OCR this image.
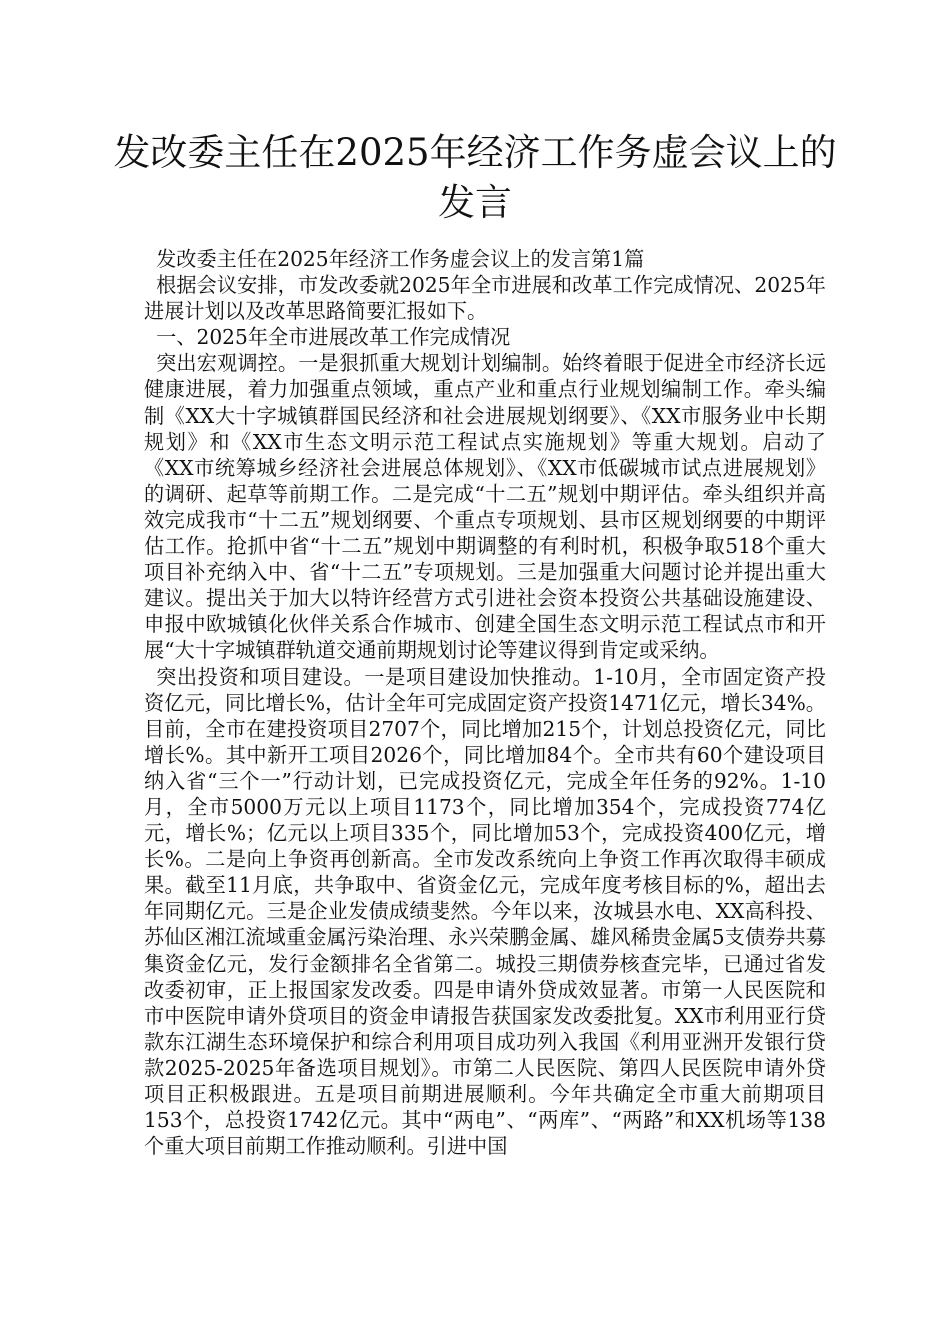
发改委主任在2025年经济工作务虚会议上的发言

发改委主任在2025年经济工作务虚会议上的发言第1篇

根据会议安排，市发改委就2025年全市进展和改革工作完成情况、2025年进展计划以及改革思路简要汇报如下。

一、2025年全市进展改革工作完成情况

突出宏观调控。一是狠抓重大规划计划编制。始终着眼于促进全市经济长远健康进展，着力加强重点领域，重点产业和重点行业规划编制工作。牵头编制《XX大十字城镇群国民经济和社会进展规划纲要》、《XX市服务业中长期规划》和《XX市生态文明示范工程试点实施规划》等重大规划。启动了《XX市统筹城乡经济社会进展总体规划》、《XX市低碳城市试点进展规划》的调研、起草等前期工作。二是完成“十二五”规划中期评估。牵头组织并高效完成我市“十二五”规划纲要、个重点专项规划、县市区规划纲要的中期评估工作。抢抓中省“十二五”规划中期调整的有利时机，积极争取518个重大项目补充纳入中、省“十二五”专项规划。三是加强重大问题讨论并提出重大建议。提出关于加大以特许经营方式引进社会资本投资公共基础设施建设、申报中欧城镇化伙伴关系合作城市、创建全国生态文明示范工程试点市和开展“大十字城镇群轨道交通前期规划讨论等建议得到肯定或采纳。

突出投资和项目建设。一是项目建设加快推动。1-10月，全市固定资产投资亿元，同比增长%，估计全年可完成固定资产投资1471亿元，增长34%。目前，全市在建投资项目2707个，同比增加215个，计划总投资亿元，同比增长%。其中新开工项目2026个，同比增加84个。全市共有60个建设项目纳入省“三个一”行动计划，已完成投资亿元，完成全年任务的92%。1-10月，全市5000万元以上项目1173个，同比增加354个，完成投资774亿元，增长%；亿元以上项目335个，同比增加53个，完成投资400亿元，增长%。二是向上争资再创新高。全市发改系统向上争资工作再次取得丰硕成果。截至11月底，共争取中、省资金亿元，完成年度考核目标的%，超出去年同期亿元。三是企业发债成绩斐然。今年以来，汝城县水电、XX高科投、苏仙区湘江流域重金属污染治理、永兴荣鹏金属、雄风稀贵金属5支债券共募集资金亿元，发行金额排名全省第二。城投三期债券核查完毕，已通过省发改委初审，正上报国家发改委。四是申请外贷成效显著。市第一人民医院和市中医院申请外贷项目的资金申请报告获国家发改委批复。XX市利用亚行贷款东江湖生态环境保护和综合利用项目成功列入我国《利用亚洲开发银行贷款2025-2025年备选项目规划》。市第二人民医院、第四人民医院申请外贷项目正积极跟进。五是项目前期进展顺利。今年共确定全市重大前期项目153个，总投资1742亿元。其中“两电”、“两库”、“两路”和XX机场等138个重大项目前期工作推动顺利。引进中国
